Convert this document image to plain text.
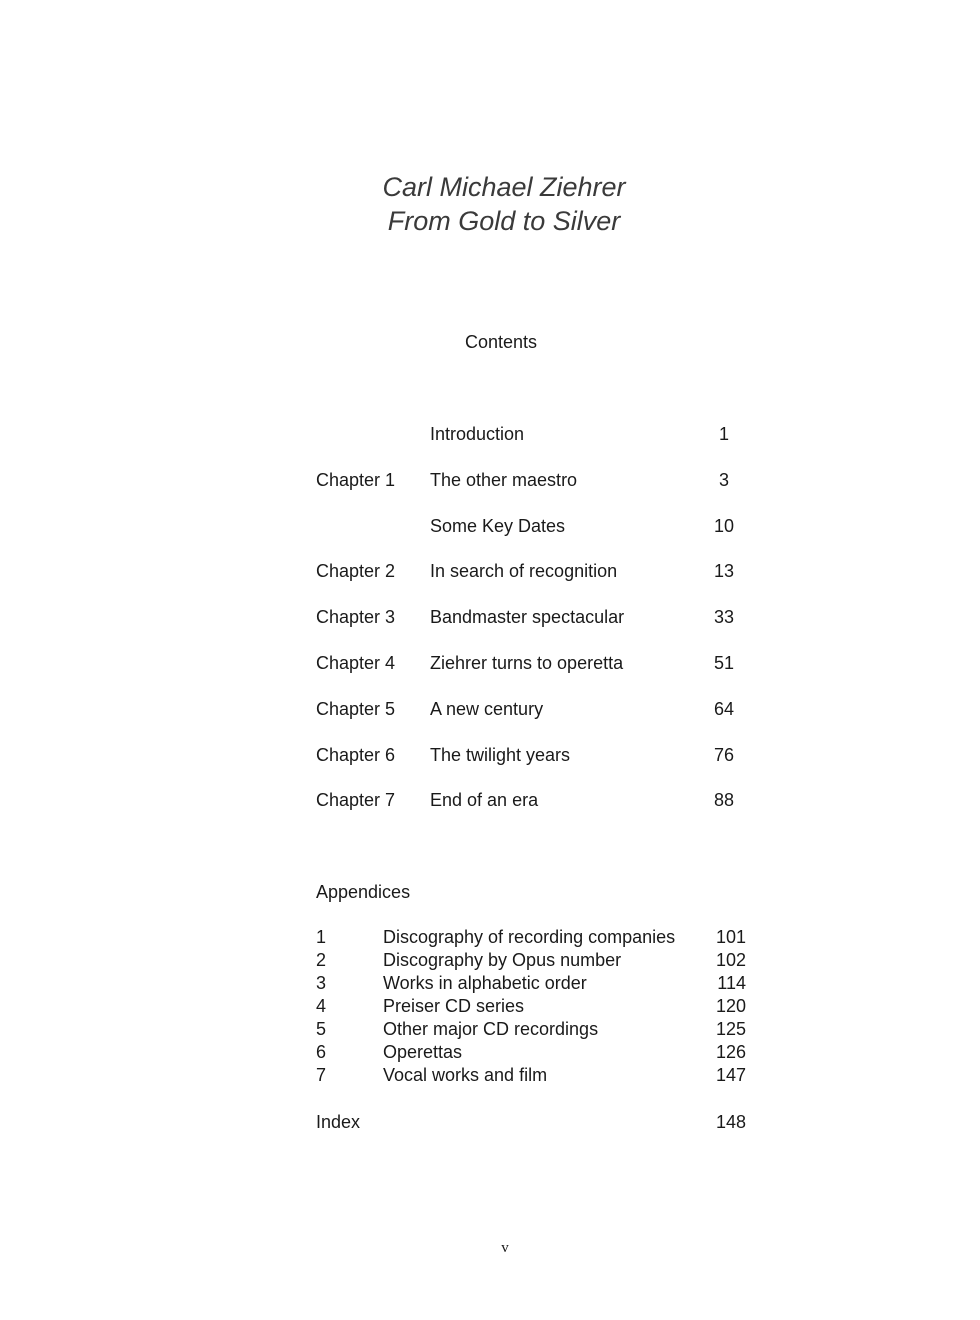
Carl Michael Ziehrer
From Gold to Silver
Contents
Introduction	1
Chapter 1 The other maestro	3
Some Key Dates	10
Chapter 2 In search of recognition	13
Chapter 3 Bandmaster spectacular	33
Chapter 4 Ziehrer turns to operetta	51
Chapter 5 A new century	64
Chapter 6 The twilight years	76
Chapter 7 End of an era	88
Appendices
1	Discography of recording companies	101
2	Discography by Opus number	102
3	Works in alphabetic order	114
4	Preiser CD series	120
5	Other major CD recordings	125
6	Operettas	126
7	Vocal works and film	147
Index	148
v
